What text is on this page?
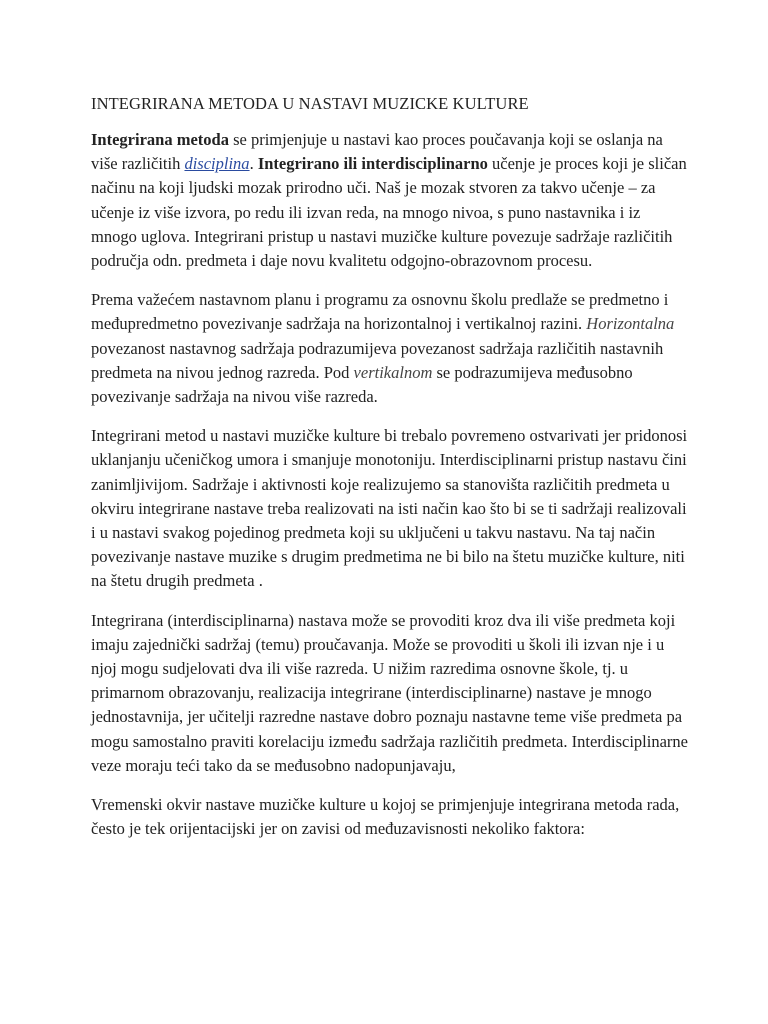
INTEGRIRANA METODA U NASTAVI MUZICKE KULTURE

Integrirana metoda se primjenjuje u nastavi kao proces poučavanja koji se oslanja na više različitih disciplina. Integrirano ili interdisciplinarno učenje je proces koji je sličan načinu na koji ljudski mozak prirodno uči. Naš je mozak stvoren za takvo učenje – za učenje iz više izvora, po redu ili izvan reda, na mnogo nivoa, s puno nastavnika i iz mnogo uglova. Integrirani pristup u nastavi muzičke kulture povezuje sadržaje različitih područja odn. predmeta i daje novu kvalitetu odgojno-obrazovnom procesu.

Prema važećem nastavnom planu i programu za osnovnu školu predlaže se predmetno i međupredmetno povezivanje sadržaja na horizontalnoj i vertikalnoj razini. Horizontalna povezanost nastavnog sadržaja podrazumijeva povezanost sadržaja različitih nastavnih predmeta na nivou jednog razreda. Pod vertikalnom se podrazumijeva međusobno povezivanje sadržaja na nivou više razreda.

Integrirani metod u nastavi muzičke kulture bi trebalo povremeno ostvarivati jer pridonosi uklanjanju učeničkog umora i smanjuje monotoniju. Interdisciplinarni pristup nastavu čini zanimljivijom. Sadržaje i aktivnosti koje realizujemo sa stanovišta različitih predmeta u okviru integrirane nastave treba realizovati na isti način kao što bi se ti sadržaji realizovali i u nastavi svakog pojedinog predmeta koji su uključeni u takvu nastavu. Na taj način povezivanje nastave muzike s drugim predmetima ne bi bilo na štetu muzičke kulture, niti na štetu drugih predmeta .

Integrirana (interdisciplinarna) nastava može se provoditi kroz dva ili više predmeta koji imaju zajednički sadržaj (temu) proučavanja. Može se provoditi u školi ili izvan nje i u njoj mogu sudjelovati dva ili više razreda. U nižim razredima osnovne škole, tj. u primarnom obrazovanju, realizacija integrirane (interdisciplinarne) nastave je mnogo jednostavnija, jer učitelji razredne nastave dobro poznaju nastavne teme više predmeta pa mogu samostalno praviti korelaciju između sadržaja različitih predmeta. Interdisciplinarne veze moraju teći tako da se međusobno nadopunjavaju,

Vremenski okvir nastave muzičke kulture u kojoj se primjenjuje integrirana metoda rada, često je tek orijentacijski jer on zavisi od međuzavisnosti nekoliko faktora:
